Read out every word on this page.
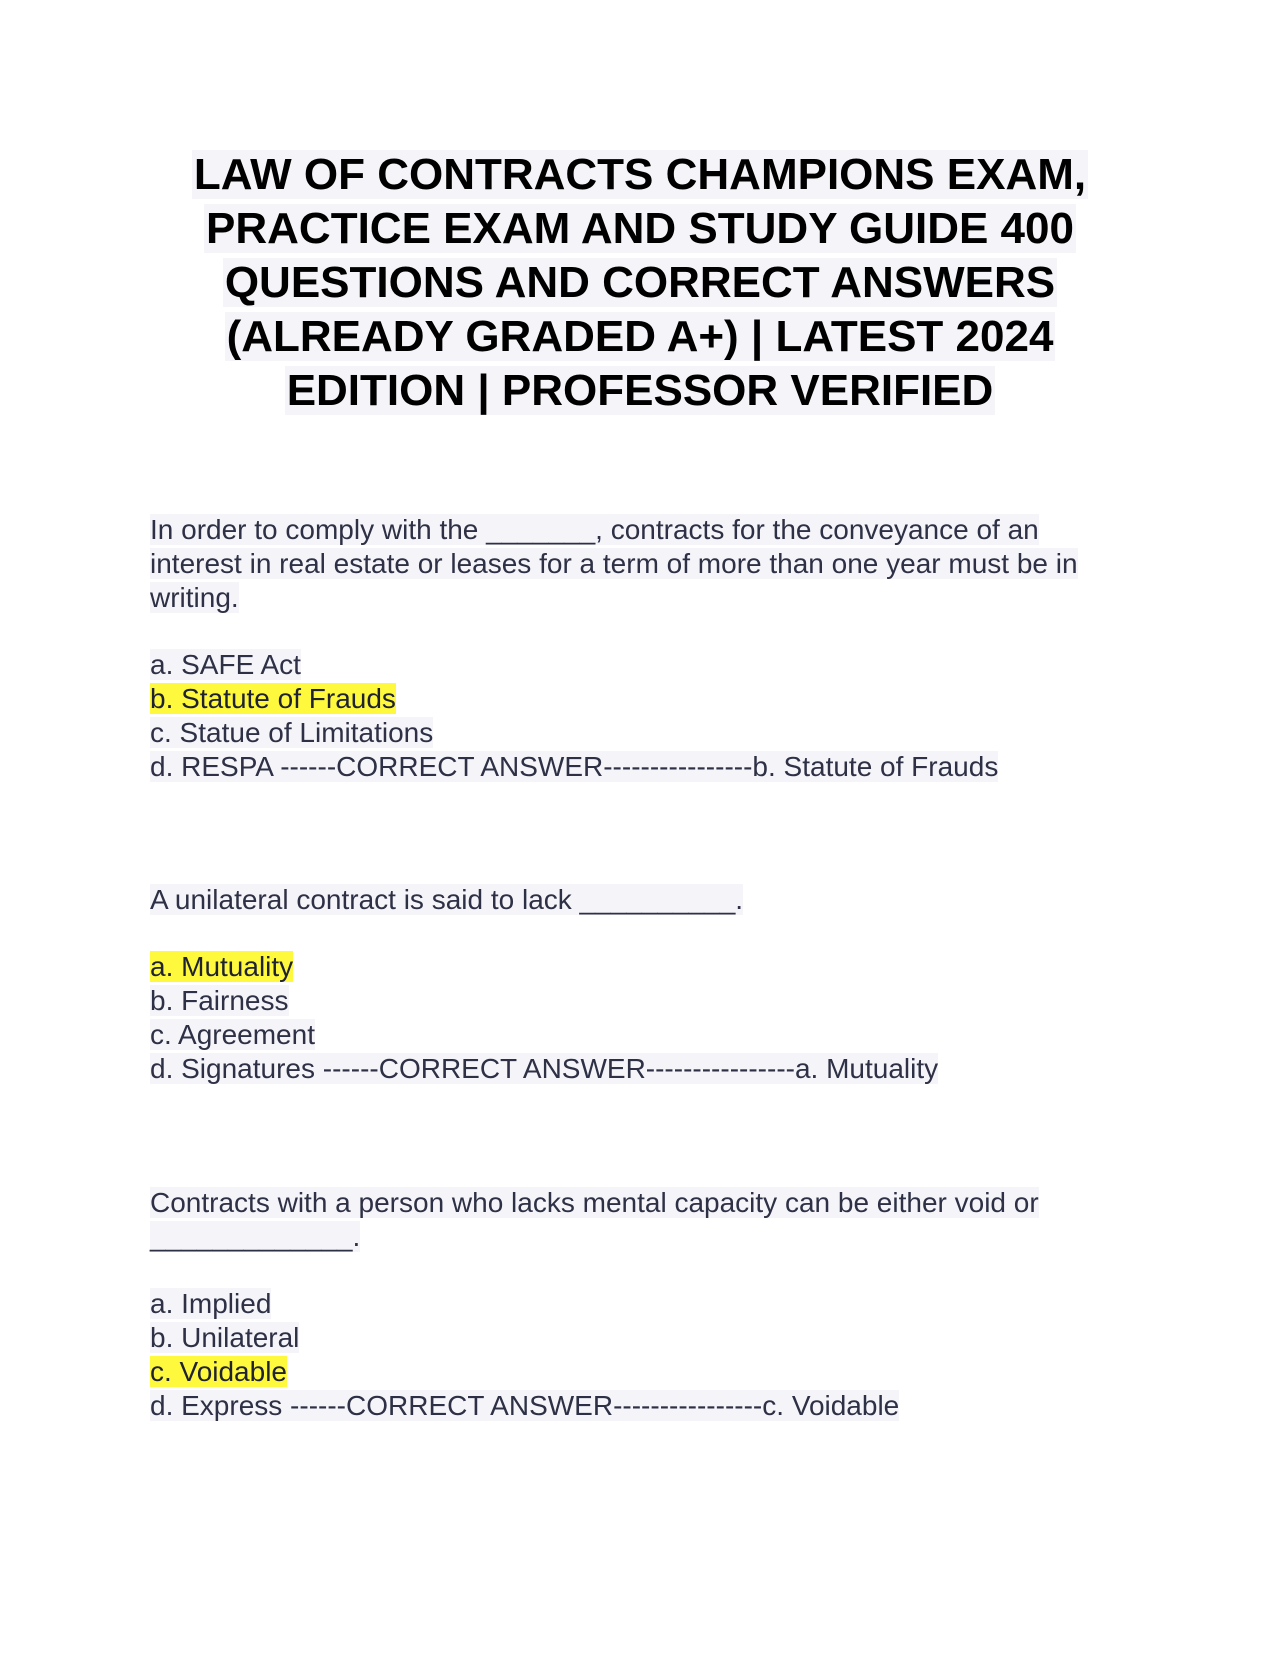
LAW OF CONTRACTS CHAMPIONS EXAM,
PRACTICE EXAM AND STUDY GUIDE 400
QUESTIONS AND CORRECT ANSWERS
(ALREADY GRADED A+) | LATEST 2024
EDITION | PROFESSOR VERIFIED
In order to comply with the _______, contracts for the conveyance of an
interest in real estate or leases for a term of more than one year must be in
writing.
a. SAFE Act
b. Statute of Frauds
c. Statue of Limitations
d. RESPA ------CORRECT ANSWER----------------b. Statute of Frauds
A unilateral contract is said to lack __________.
a. Mutuality
b. Fairness
c. Agreement
d. Signatures ------CORRECT ANSWER----------------a. Mutuality
Contracts with a person who lacks mental capacity can be either void or
_____________.
a. Implied
b. Unilateral
c. Voidable
d. Express ------CORRECT ANSWER----------------c. Voidable
